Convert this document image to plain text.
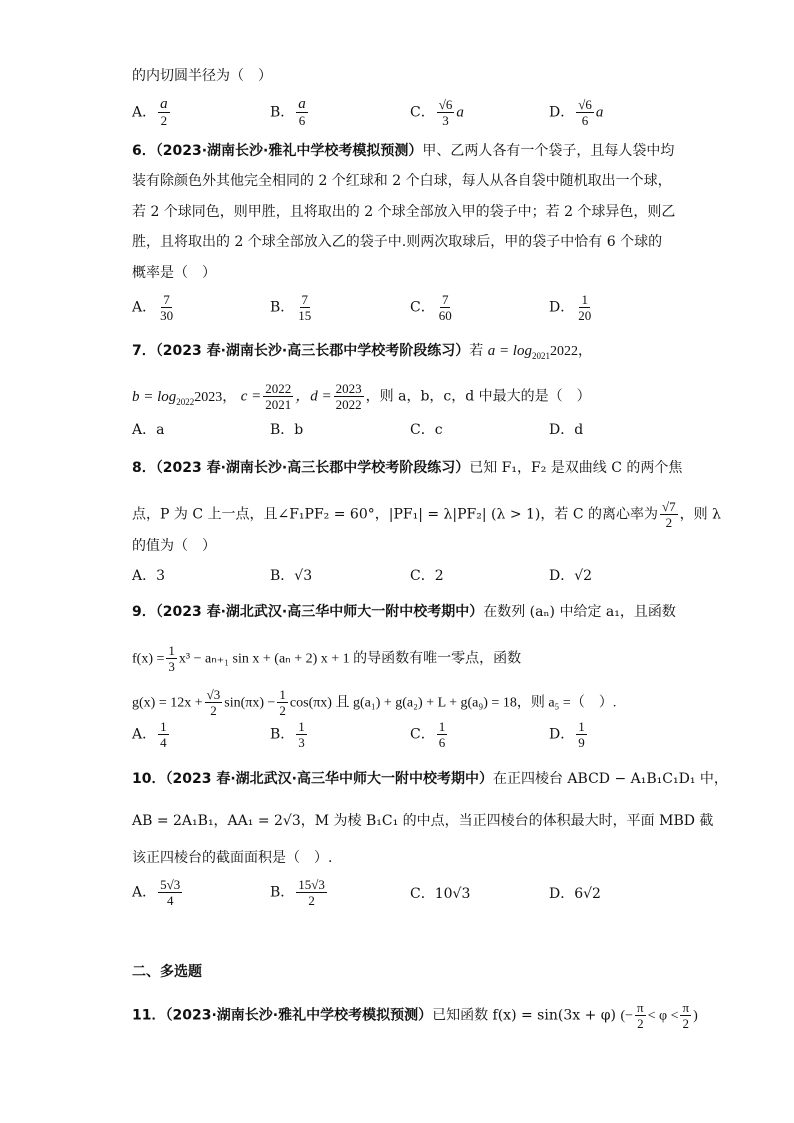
的内切圆半径为（　）
A． $\frac{a}{2}$	B． $\frac{a}{6}$	C． $\frac{√6}{3}$ a	D． $\frac{√6}{6}$ a
6．（2023·湖南长沙·雅礼中学校考模拟预测）甲、乙两人各有一个袋子，且每人袋中均
装有除颜色外其他完全相同的 2 个红球和 2 个白球，每人从各自袋中随机取出一个球，
若 2 个球同色，则甲胜，且将取出的 2 个球全部放入甲的袋子中；若 2 个球异色，则乙
胜，且将取出的 2 个球全部放入乙的袋子中.则两次取球后，甲的袋子中恰有 6 个球的
概率是（　）
A． $\frac{7}{30}$	B． $\frac{7}{15}$	C． $\frac{7}{60}$	D． $\frac{1}{20}$
7．（2023 春·湖南长沙·高三长郡中学校考阶段练习）若 $a = \log_{2021}2022$，
$b = \log_{2022}2023$， $c = \frac{2022}{2021}$ ，$d = \frac{2023}{2022}$ ，则 a，b，c，d 中最大的是（　）
A．a	B．b	C．c	D．d
8．（2023 春·湖南长沙·高三长郡中学校考阶段练习）已知 F₁，F₂ 是双曲线 C 的两个焦
点，P 为 C 上一点，且∠F₁PF₂ = 60°，|PF₁| = λ|PF₂| (λ > 1)，若 C 的离心率为 $\frac{√7}{2}$ ，则 λ
的值为（　）
A．3	B．√3	C．2	D．√2
9．（2023 春·湖北武汉·高三华中师大一附中校考期中）在数列 (aₙ) 中给定 a₁，且函数
$f(x) = \frac{1}{3} x^3 - a_{n+1}$ sin x + (aₙ + 2) x + 1 的导函数有唯一零点，函数
$g(x) = 12x + \frac{√3}{2} \sin(\pi x) - \frac{1}{2} \cos(\pi x)$ 且 g(a₁) + g(a₂) + L + g(a₉) = 18，则 a₅ =（　）.
A． $\frac{1}{4}$	B． $\frac{1}{3}$	C． $\frac{1}{6}$	D． $\frac{1}{9}$
10．（2023 春·湖北武汉·高三华中师大一附中校考期中）在正四棱台 ABCD − A₁B₁C₁D₁ 中，
AB = 2A₁B₁，AA₁ = 2√3，M 为棱 B₁C₁ 的中点，当正四棱台的体积最大时，平面 MBD 截
该正四棱台的截面面积是（　）.
A． $\frac{5√3}{4}$	B． $\frac{15√3}{2}$	C．10√3	D．6√2
二、多选题
11．（2023·湖南长沙·雅礼中学校考模拟预测）已知函数 f(x) = sin(3x + φ) (− $\frac{\pi}{2} < \varphi < \frac{\pi}{2}$ )
